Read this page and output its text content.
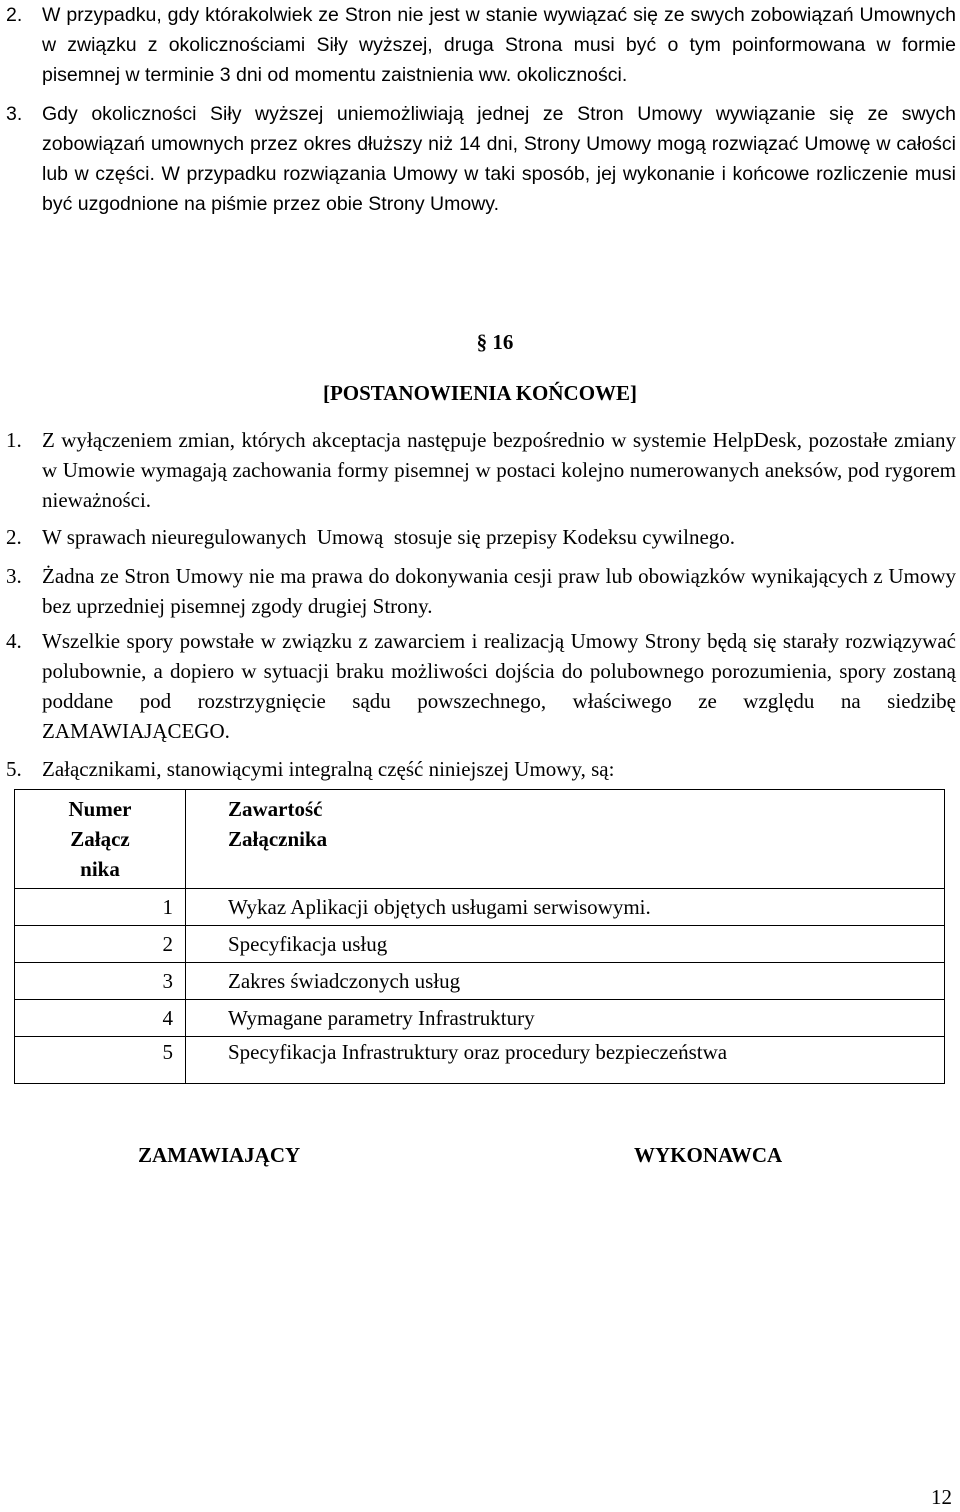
2. W przypadku, gdy którakolwiek ze Stron nie jest w stanie wywiązać się ze swych zobowiązań Umownych w związku z okolicznościami Siły wyższej, druga Strona musi być o tym poinformowana w formie pisemnej w terminie 3 dni od momentu zaistnienia ww. okoliczności.
3. Gdy okoliczności Siły wyższej uniemożliwiają jednej ze Stron Umowy wywiązanie się ze swych zobowiązań umownych przez okres dłuższy niż 14 dni, Strony Umowy mogą rozwiązać Umowę w całości lub w części. W przypadku rozwiązania Umowy w taki sposób, jej wykonanie i końcowe rozliczenie musi być uzgodnione na piśmie przez obie Strony Umowy.
§ 16
[POSTANOWIENIA KOŃCOWE]
1. Z wyłączeniem zmian, których akceptacja następuje bezpośrednio w systemie HelpDesk, pozostałe zmiany w Umowie wymagają zachowania formy pisemnej w postaci kolejno numerowanych aneksów, pod rygorem nieważności.
2. W sprawach nieuregulowanych  Umową  stosuje się przepisy Kodeksu cywilnego.
3. Żadna ze Stron Umowy nie ma prawa do dokonywania cesji praw lub obowiązków wynikających z Umowy bez uprzedniej pisemnej zgody drugiej Strony.
4. Wszelkie spory powstałe w związku z zawarciem i realizacją Umowy Strony będą się starały rozwiązywać polubownie, a dopiero w sytuacji braku możliwości dojścia do polubownego porozumienia, spory zostaną poddane pod rozstrzygnięcie sądu powszechnego, właściwego ze względu na siedzibę ZAMAWIAJĄCEGO.
5. Załącznikami, stanowiącymi integralną część niniejszej Umowy, są:
Numer Załącz nika	Zawartość Załącznika

1	Wykaz Aplikacji objętych usługami serwisowymi.
2	Specyfikacja usług
3	Zakres świadczonych usług
4	Wymagane parametry Infrastruktury
5	Specyfikacja Infrastruktury oraz procedury bezpieczeństwa
ZAMAWIAJĄCY	WYKONAWCA
12
